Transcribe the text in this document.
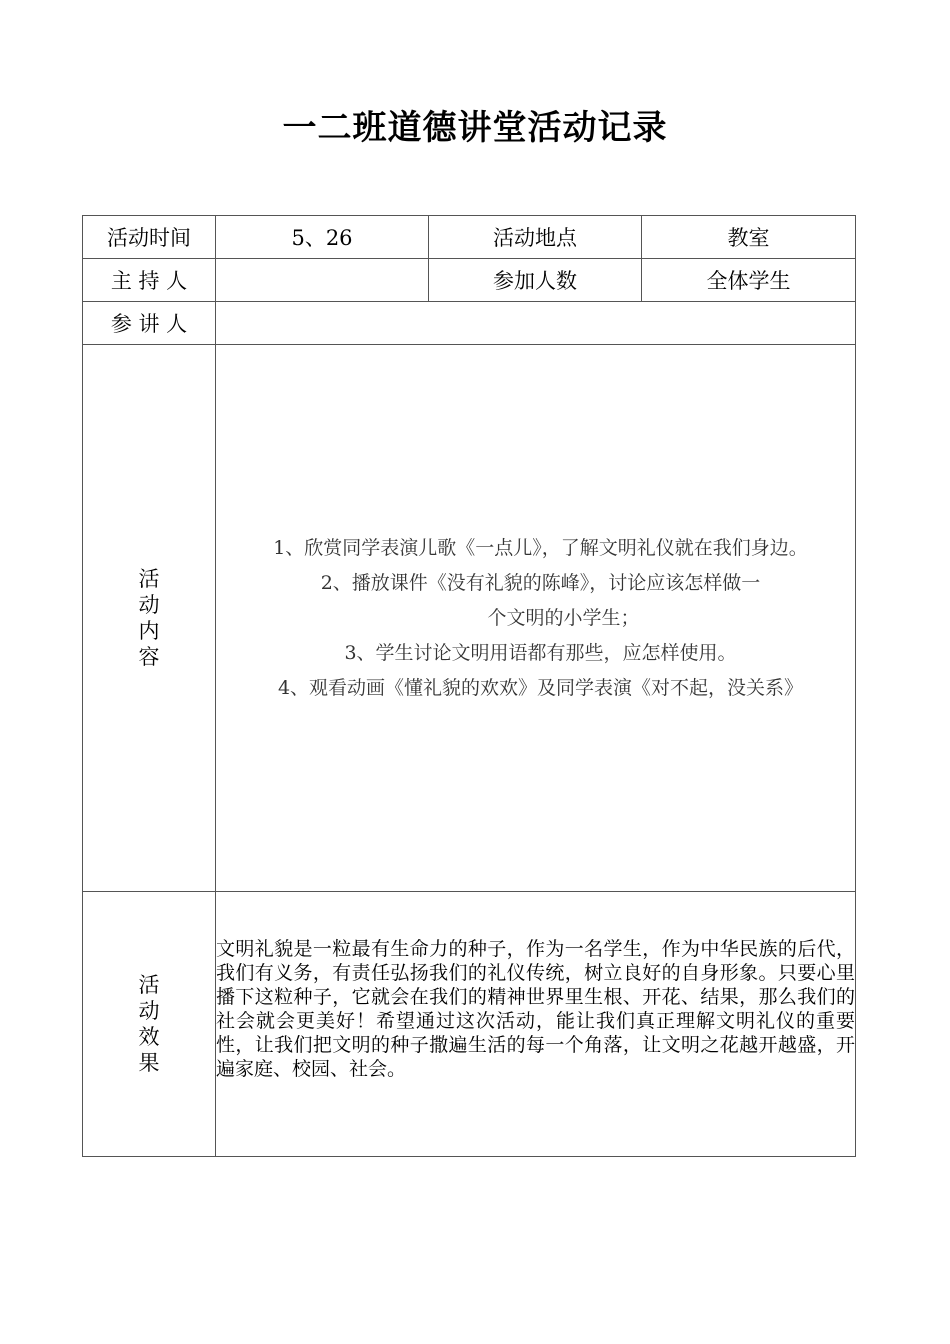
一二班道德讲堂活动记录
活动时间	5、26	活动地点	教室
主 持 人		参加人数	全体学生
参 讲 人			
活动内容	1、欣赏同学表演儿歌《一点儿》，了解文明礼仪就在我们身边。

2、播放课件《没有礼貌的陈峰》，讨论应该怎样做一

个文明的小学生；

3、学生讨论文明用语都有那些，应怎样使用。

4、观看动画《懂礼貌的欢欢》及同学表演《对不起，没关系》		

活动效果	文明礼貌是一粒最有生命力的种子，作为一名学生，作为中华民族的后代，我们有义务，有责任弘扬我们的礼仪传统，树立良好的自身形象。只要心里播下这粒种子，它就会在我们的精神世界里生根、开花、结果，那么我们的社会就会更美好！希望通过这次活动，能让我们真正理解文明礼仪的重要性，让我们把文明的种子撒遍生活的每一个角落，让文明之花越开越盛，开遍家庭、校园、社会。		
